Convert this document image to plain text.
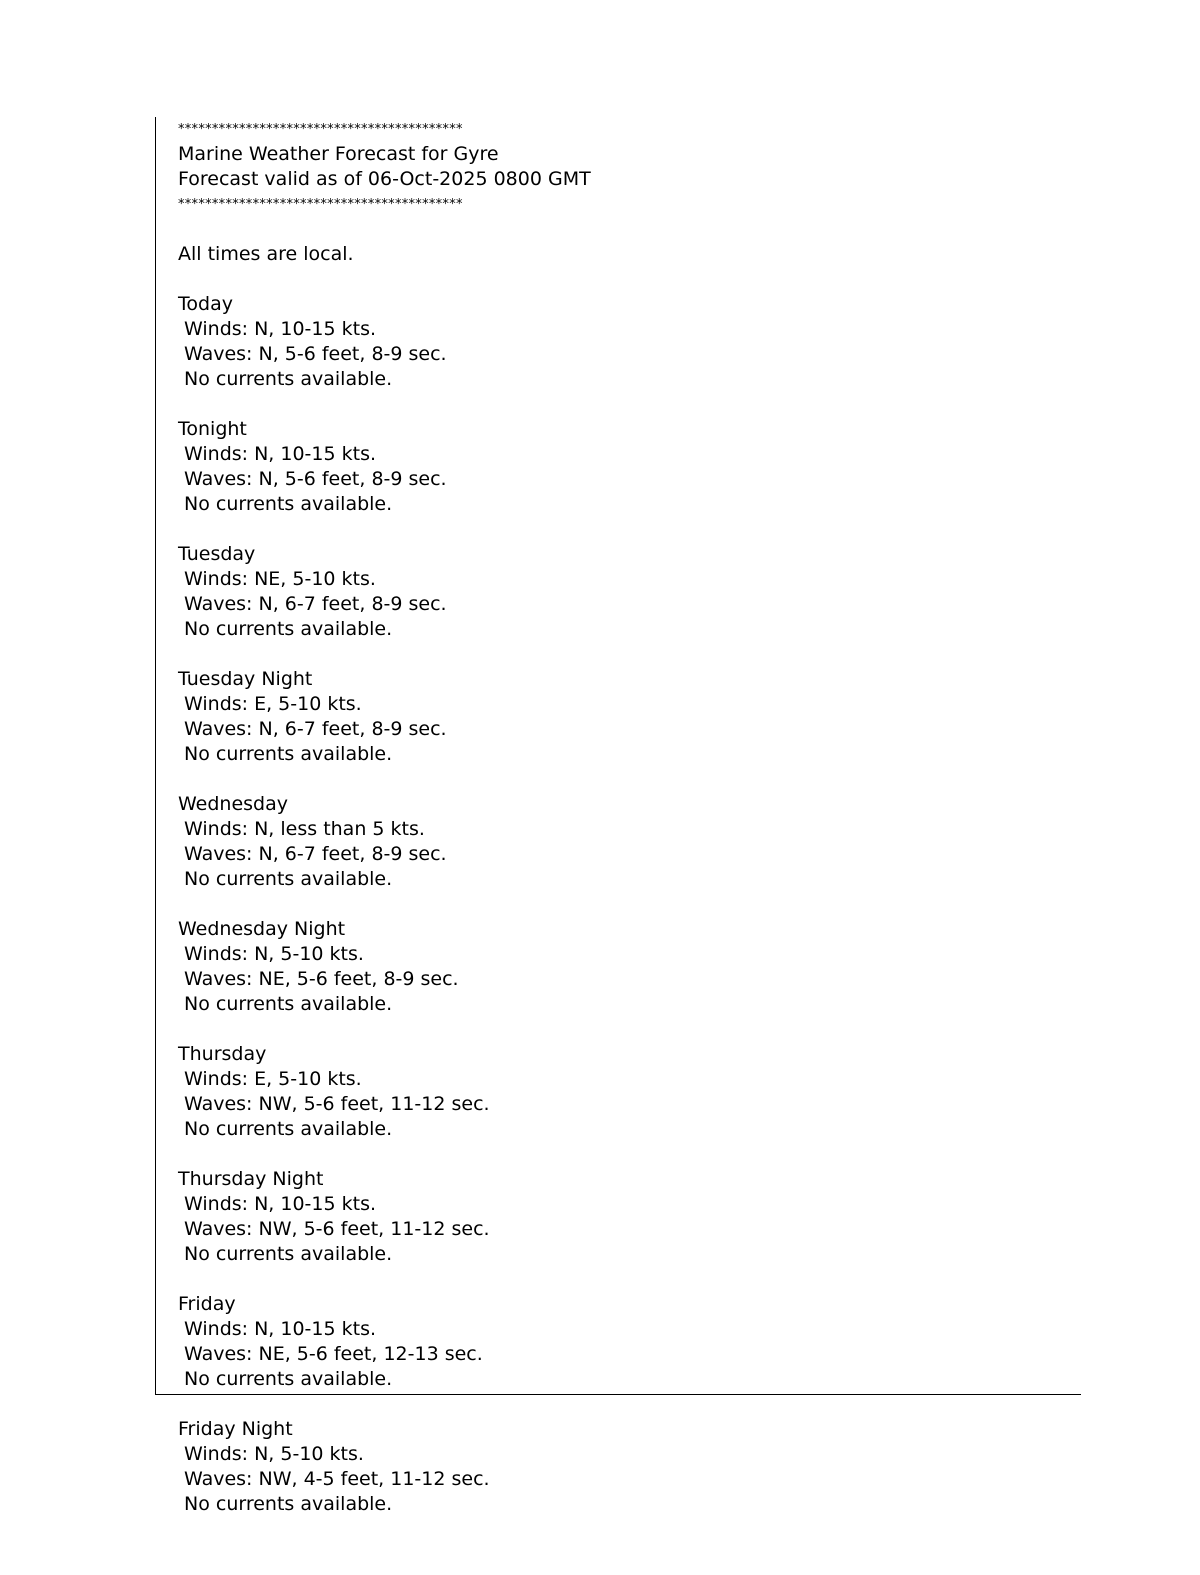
******************************************
Marine Weather Forecast for Gyre
Forecast valid as of 06-Oct-2025 0800 GMT
******************************************
All times are local.
Today
Winds: N, 10-15 kts.
Waves: N, 5-6 feet, 8-9 sec.
No currents available.
Tonight
Winds: N, 10-15 kts.
Waves: N, 5-6 feet, 8-9 sec.
No currents available.
Tuesday
Winds: NE, 5-10 kts.
Waves: N, 6-7 feet, 8-9 sec.
No currents available.
Tuesday Night
Winds: E, 5-10 kts.
Waves: N, 6-7 feet, 8-9 sec.
No currents available.
Wednesday
Winds: N, less than 5 kts.
Waves: N, 6-7 feet, 8-9 sec.
No currents available.
Wednesday Night
Winds: N, 5-10 kts.
Waves: NE, 5-6 feet, 8-9 sec.
No currents available.
Thursday
Winds: E, 5-10 kts.
Waves: NW, 5-6 feet, 11-12 sec.
No currents available.
Thursday Night
Winds: N, 10-15 kts.
Waves: NW, 5-6 feet, 11-12 sec.
No currents available.
Friday
Winds: N, 10-15 kts.
Waves: NE, 5-6 feet, 12-13 sec.
No currents available.
Friday Night
Winds: N, 5-10 kts.
Waves: NW, 4-5 feet, 11-12 sec.
No currents available.
